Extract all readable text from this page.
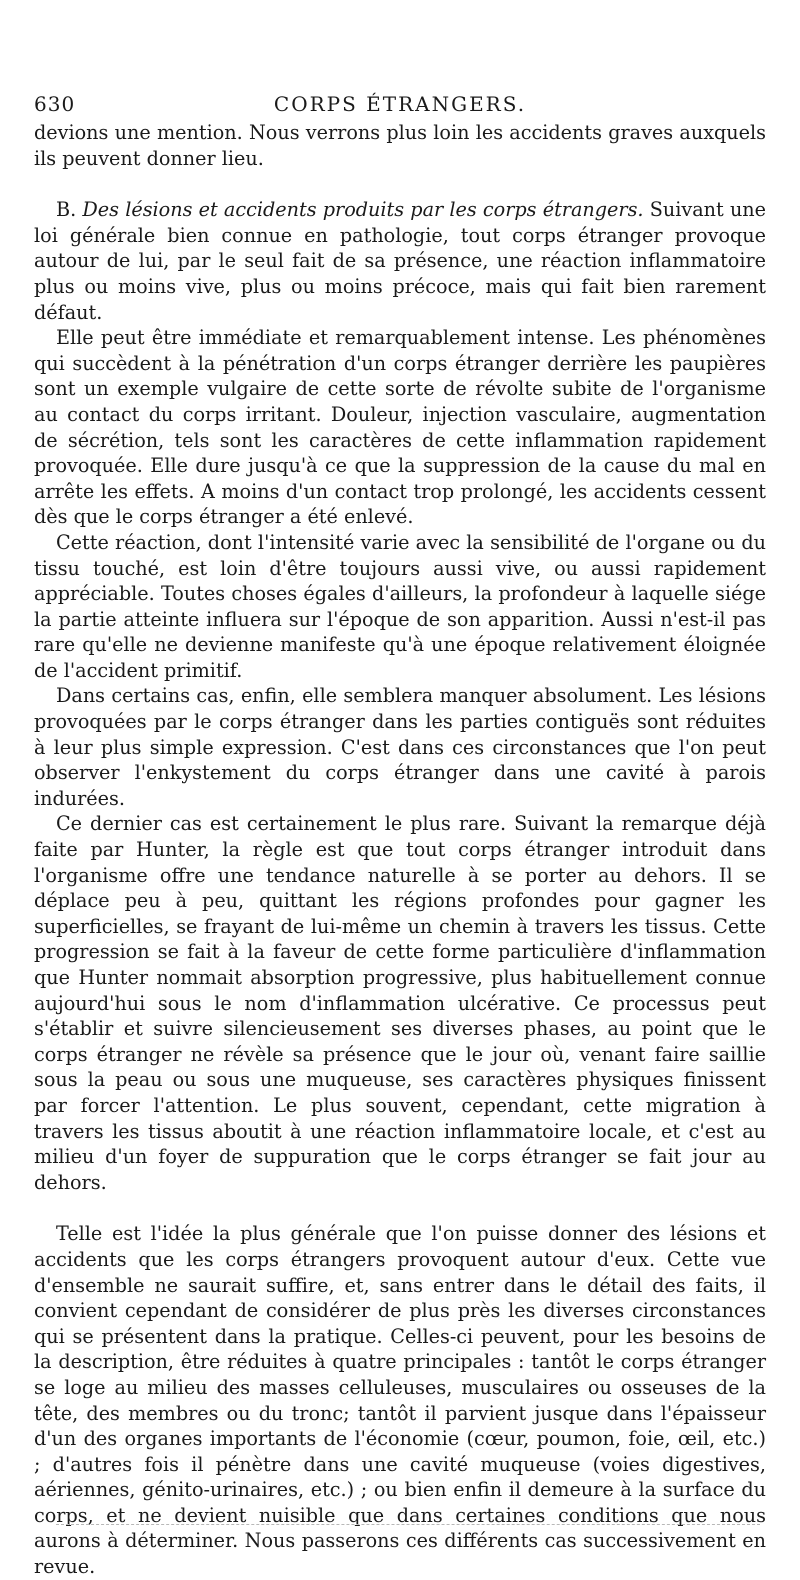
630	CORPS ÉTRANGERS.

devions une mention. Nous verrons plus loin les accidents graves auxquels ils peuvent donner lieu.

B. Des lésions et accidents produits par les corps étrangers. Suivant une loi générale bien connue en pathologie, tout corps étranger provoque autour de lui, par le seul fait de sa présence, une réaction inflammatoire plus ou moins vive, plus ou moins précoce, mais qui fait bien rarement défaut.

Elle peut être immédiate et remarquablement intense. Les phénomènes qui succèdent à la pénétration d'un corps étranger derrière les paupières sont un exemple vulgaire de cette sorte de révolte subite de l'organisme au contact du corps irritant. Douleur, injection vasculaire, augmentation de sécrétion, tels sont les caractères de cette inflammation rapidement provoquée. Elle dure jusqu'à ce que la suppression de la cause du mal en arrête les effets. A moins d'un contact trop prolongé, les accidents cessent dès que le corps étranger a été enlevé.

Cette réaction, dont l'intensité varie avec la sensibilité de l'organe ou du tissu touché, est loin d'être toujours aussi vive, ou aussi rapidement appréciable. Toutes choses égales d'ailleurs, la profondeur à laquelle siége la partie atteinte influera sur l'époque de son apparition. Aussi n'est-il pas rare qu'elle ne devienne manifeste qu'à une époque relativement éloignée de l'accident primitif.

Dans certains cas, enfin, elle semblera manquer absolument. Les lésions provoquées par le corps étranger dans les parties contiguës sont réduites à leur plus simple expression. C'est dans ces circonstances que l'on peut observer l'enkystement du corps étranger dans une cavité à parois indurées.

Ce dernier cas est certainement le plus rare. Suivant la remarque déjà faite par Hunter, la règle est que tout corps étranger introduit dans l'organisme offre une tendance naturelle à se porter au dehors. Il se déplace peu à peu, quittant les régions profondes pour gagner les superficielles, se frayant de lui-même un chemin à travers les tissus. Cette progression se fait à la faveur de cette forme particulière d'inflammation que Hunter nommait absorption progressive, plus habituellement connue aujourd'hui sous le nom d'inflammation ulcérative. Ce processus peut s'établir et suivre silencieusement ses diverses phases, au point que le corps étranger ne révèle sa présence que le jour où, venant faire saillie sous la peau ou sous une muqueuse, ses caractères physiques finissent par forcer l'attention. Le plus souvent, cependant, cette migration à travers les tissus aboutit à une réaction inflammatoire locale, et c'est au milieu d'un foyer de suppuration que le corps étranger se fait jour au dehors.

Telle est l'idée la plus générale que l'on puisse donner des lésions et accidents que les corps étrangers provoquent autour d'eux. Cette vue d'ensemble ne saurait suffire, et, sans entrer dans le détail des faits, il convient cependant de considérer de plus près les diverses circonstances qui se présentent dans la pratique. Celles-ci peuvent, pour les besoins de la description, être réduites à quatre principales : tantôt le corps étranger se loge au milieu des masses celluleuses, musculaires ou osseuses de la tête, des membres ou du tronc; tantôt il parvient jusque dans l'épaisseur d'un des organes importants de l'économie (cœur, poumon, foie, œil, etc.) ; d'autres fois il pénètre dans une cavité muqueuse (voies digestives, aériennes, génito-urinaires, etc.) ; ou bien enfin il demeure à la surface du corps, et ne devient nuisible que dans certaines conditions que nous aurons à déterminer. Nous passerons ces différents cas successivement en revue.
